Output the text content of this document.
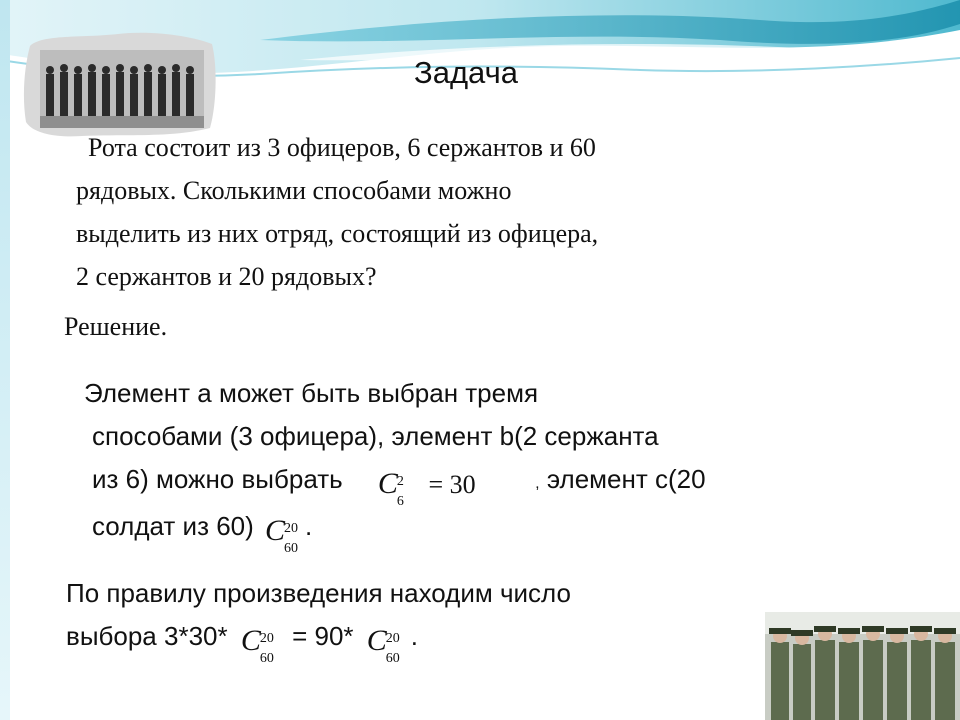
Задача

Рота состоит из 3 офицеров, 6 сержантов и 60

рядовых. Сколькими способами можно

выделить из них отряд, состоящий из офицера,

2 сержантов и 20 рядовых?

Решение.
Элемент а может быть выбран тремя
способами (3 офицера), элемент b(2 сержанта
из 6) можно выбрать C
2
6
= 30	, элемент с(20
солдат из 60) C
20
60
.
По правилу произведения находим число
выбора 3*30* C
20
60
= 90* C
20
60
.
